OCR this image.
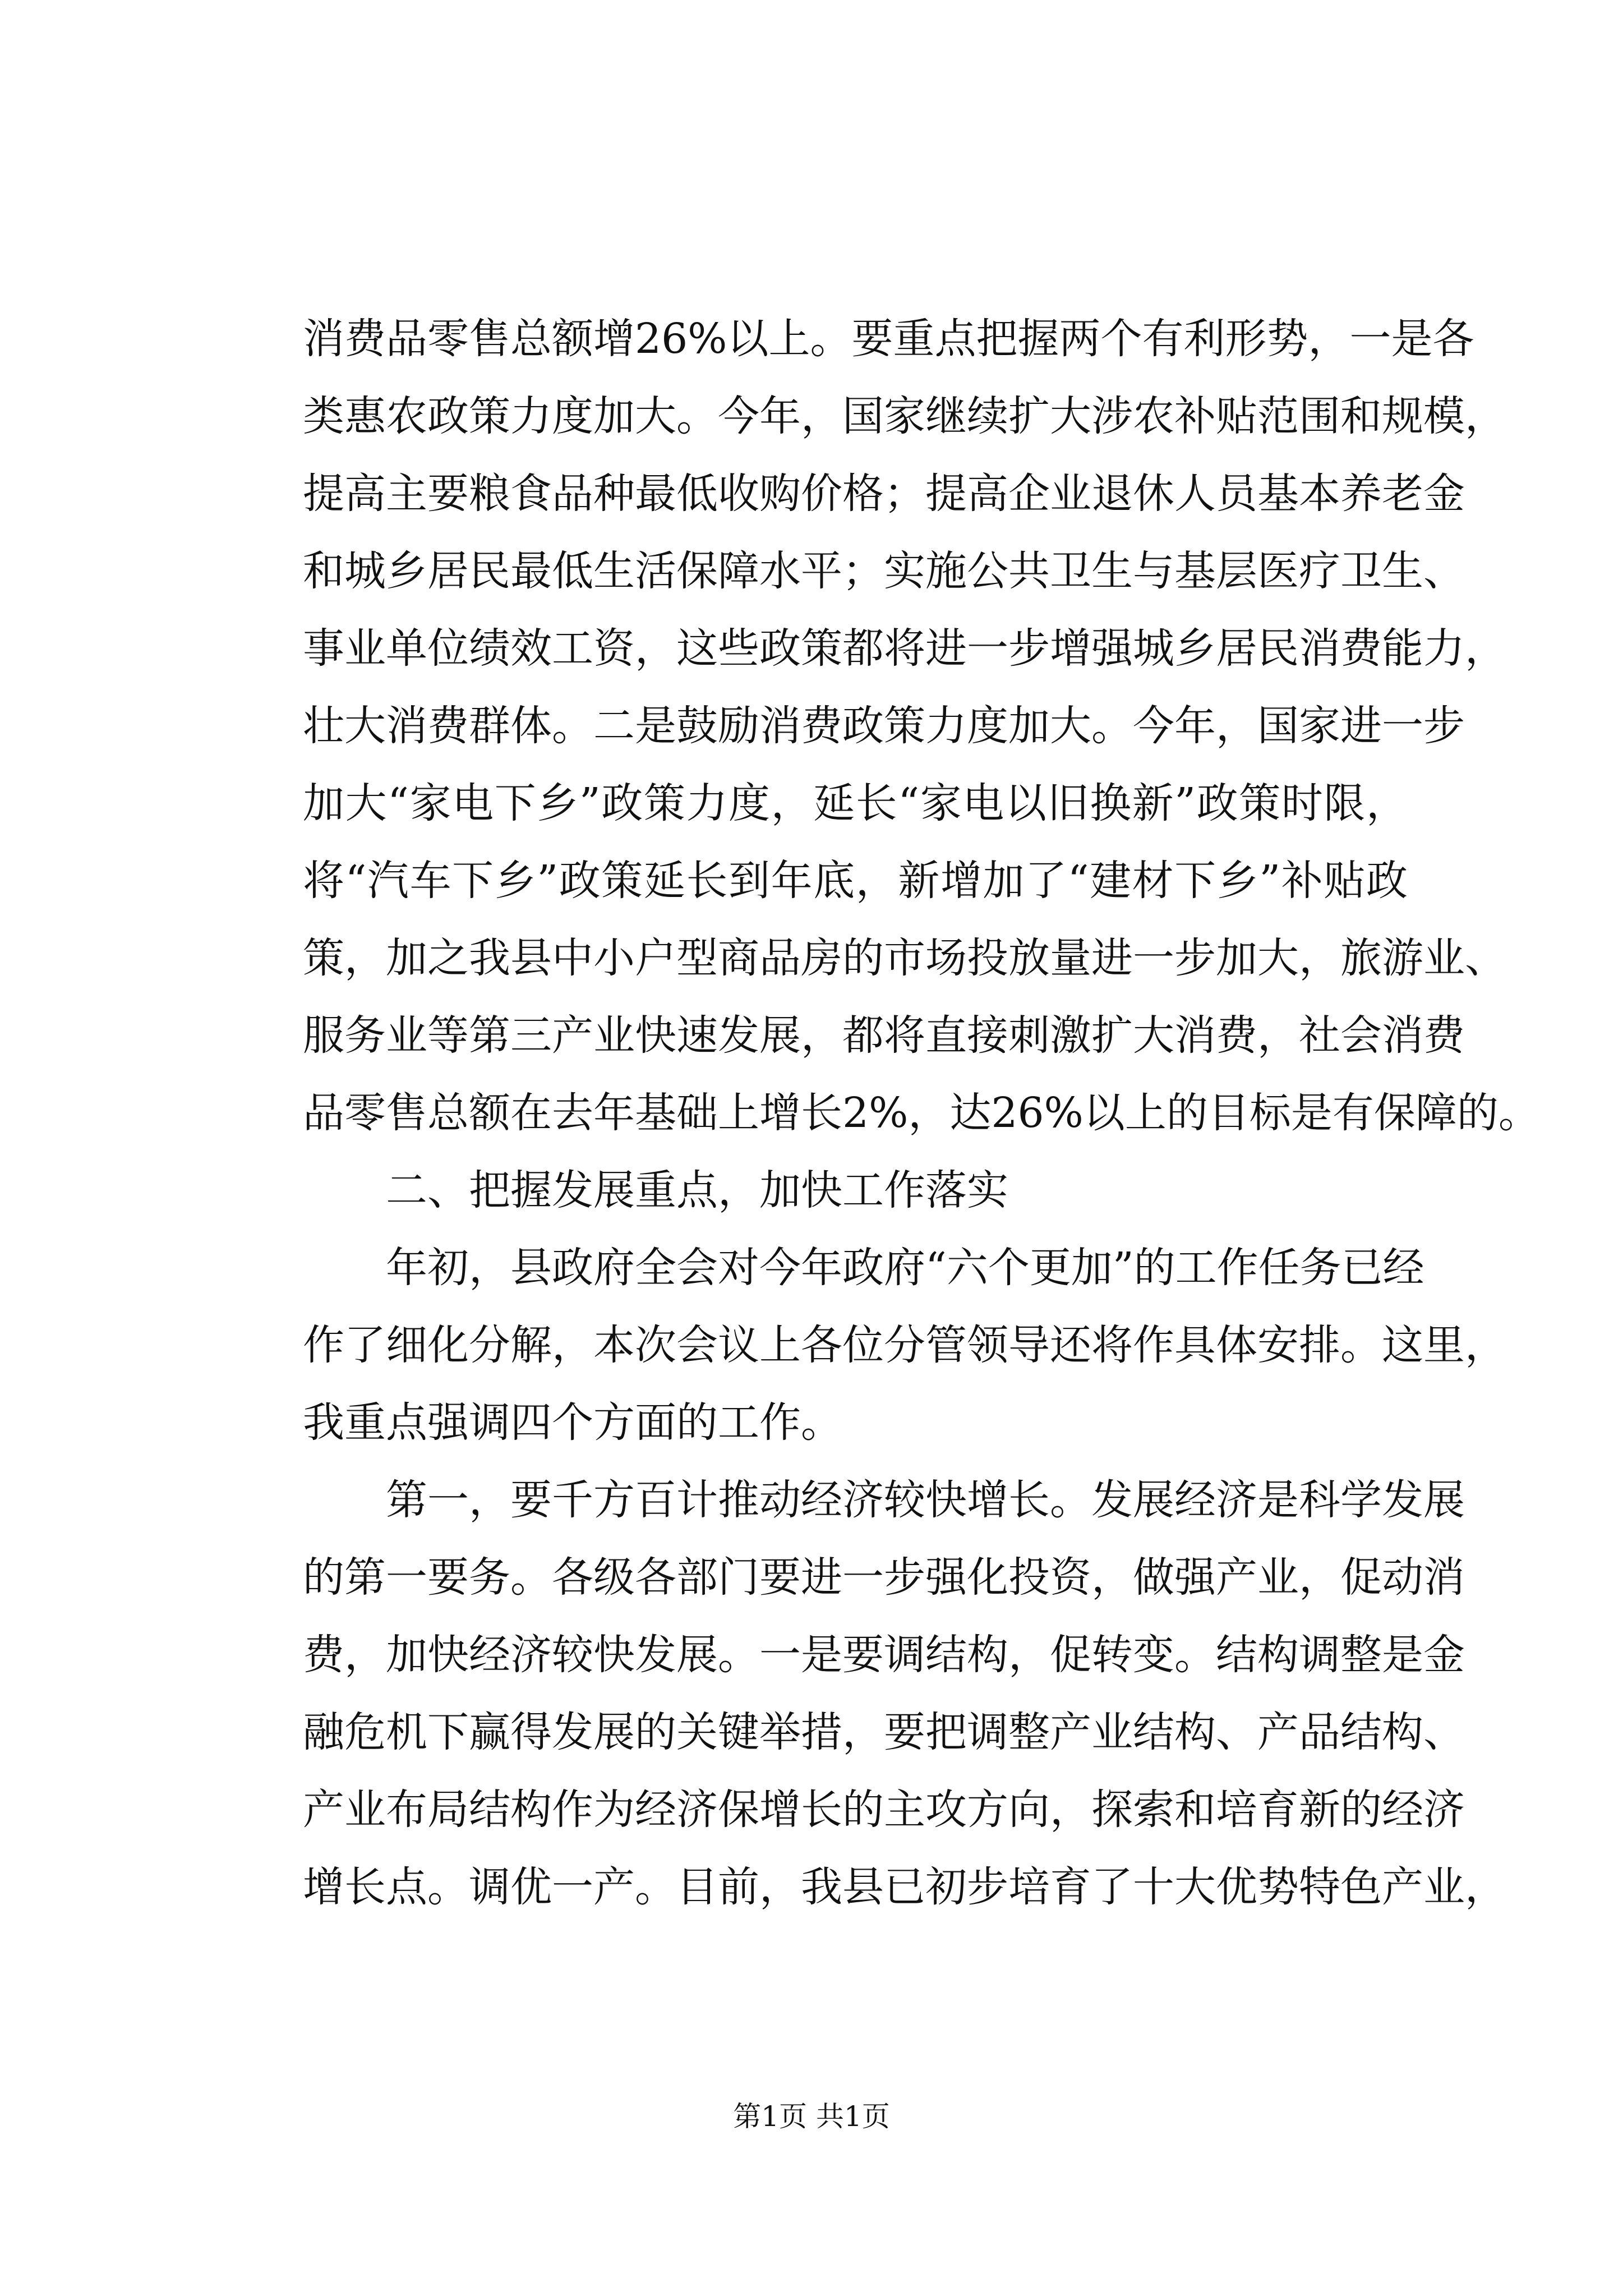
消费品零售总额增26%以上。要重点把握两个有利形势，一是各
类惠农政策力度加大。今年，国家继续扩大涉农补贴范围和规模，
提高主要粮食品种最低收购价格；提高企业退休人员基本养老金
和城乡居民最低生活保障水平；实施公共卫生与基层医疗卫生、
事业单位绩效工资，这些政策都将进一步增强城乡居民消费能力，
壮大消费群体。二是鼓励消费政策力度加大。今年，国家进一步
加大“家电下乡”政策力度，延长“家电以旧换新”政策时限，
将“汽车下乡”政策延长到年底，新增加了“建材下乡”补贴政
策，加之我县中小户型商品房的市场投放量进一步加大，旅游业、
服务业等第三产业快速发展，都将直接刺激扩大消费，社会消费
品零售总额在去年基础上增长2%，达26%以上的目标是有保障的。
二、把握发展重点，加快工作落实
年初，县政府全会对今年政府“六个更加”的工作任务已经
作了细化分解，本次会议上各位分管领导还将作具体安排。这里，
我重点强调四个方面的工作。
第一，要千方百计推动经济较快增长。发展经济是科学发展
的第一要务。各级各部门要进一步强化投资，做强产业，促动消
费，加快经济较快发展。一是要调结构，促转变。结构调整是金
融危机下赢得发展的关键举措，要把调整产业结构、产品结构、
产业布局结构作为经济保增长的主攻方向，探索和培育新的经济
增长点。调优一产。目前，我县已初步培育了十大优势特色产业，
第1页 共1页
